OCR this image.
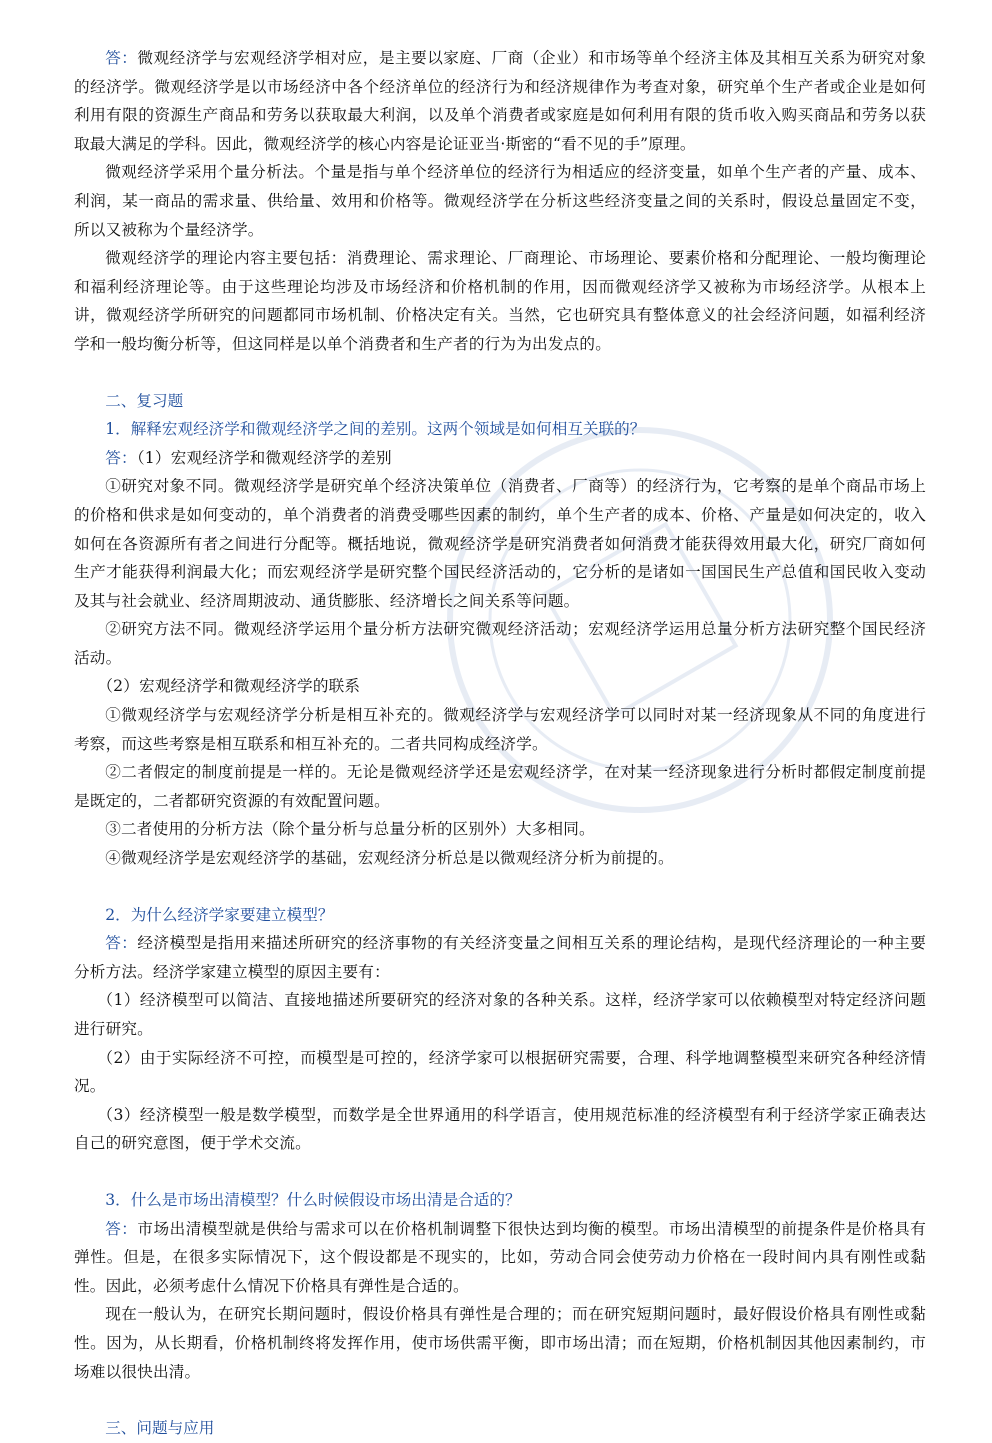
答：微观经济学与宏观经济学相对应，是主要以家庭、厂商（企业）和市场等单个经济主体及其相互关系为研究对象的经济学。微观经济学是以市场经济中各个经济单位的经济行为和经济规律作为考查对象，研究单个生产者或企业是如何利用有限的资源生产商品和劳务以获取最大利润，以及单个消费者或家庭是如何利用有限的货币收入购买商品和劳务以获取最大满足的学科。因此，微观经济学的核心内容是论证亚当·斯密的“看不见的手”原理。

微观经济学采用个量分析法。个量是指与单个经济单位的经济行为相适应的经济变量，如单个生产者的产量、成本、利润，某一商品的需求量、供给量、效用和价格等。微观经济学在分析这些经济变量之间的关系时，假设总量固定不变，所以又被称为个量经济学。

微观经济学的理论内容主要包括：消费理论、需求理论、厂商理论、市场理论、要素价格和分配理论、一般均衡理论和福利经济理论等。由于这些理论均涉及市场经济和价格机制的作用，因而微观经济学又被称为市场经济学。从根本上讲，微观经济学所研究的问题都同市场机制、价格决定有关。当然，它也研究具有整体意义的社会经济问题，如福利经济学和一般均衡分析等，但这同样是以单个消费者和生产者的行为为出发点的。

二、复习题

1．解释宏观经济学和微观经济学之间的差别。这两个领域是如何相互关联的？

答：（1）宏观经济学和微观经济学的差别

①研究对象不同。微观经济学是研究单个经济决策单位（消费者、厂商等）的经济行为，它考察的是单个商品市场上的价格和供求是如何变动的，单个消费者的消费受哪些因素的制约，单个生产者的成本、价格、产量是如何决定的，收入如何在各资源所有者之间进行分配等。概括地说，微观经济学是研究消费者如何消费才能获得效用最大化，研究厂商如何生产才能获得利润最大化；而宏观经济学是研究整个国民经济活动的，它分析的是诸如一国国民生产总值和国民收入变动及其与社会就业、经济周期波动、通货膨胀、经济增长之间关系等问题。

②研究方法不同。微观经济学运用个量分析方法研究微观经济活动；宏观经济学运用总量分析方法研究整个国民经济活动。

（2）宏观经济学和微观经济学的联系

①微观经济学与宏观经济学分析是相互补充的。微观经济学与宏观经济学可以同时对某一经济现象从不同的角度进行考察，而这些考察是相互联系和相互补充的。二者共同构成经济学。

②二者假定的制度前提是一样的。无论是微观经济学还是宏观经济学，在对某一经济现象进行分析时都假定制度前提是既定的，二者都研究资源的有效配置问题。

③二者使用的分析方法（除个量分析与总量分析的区别外）大多相同。

④微观经济学是宏观经济学的基础，宏观经济分析总是以微观经济分析为前提的。

2．为什么经济学家要建立模型？

答：经济模型是指用来描述所研究的经济事物的有关经济变量之间相互关系的理论结构，是现代经济理论的一种主要分析方法。经济学家建立模型的原因主要有：

（1）经济模型可以简洁、直接地描述所要研究的经济对象的各种关系。这样，经济学家可以依赖模型对特定经济问题进行研究。

（2）由于实际经济不可控，而模型是可控的，经济学家可以根据研究需要，合理、科学地调整模型来研究各种经济情况。

（3）经济模型一般是数学模型，而数学是全世界通用的科学语言，使用规范标准的经济模型有利于经济学家正确表达自己的研究意图，便于学术交流。

3．什么是市场出清模型？什么时候假设市场出清是合适的？

答：市场出清模型就是供给与需求可以在价格机制调整下很快达到均衡的模型。市场出清模型的前提条件是价格具有弹性。但是，在很多实际情况下，这个假设都是不现实的，比如，劳动合同会使劳动力价格在一段时间内具有刚性或黏性。因此，必须考虑什么情况下价格具有弹性是合适的。

现在一般认为，在研究长期问题时，假设价格具有弹性是合理的；而在研究短期问题时，最好假设价格具有刚性或黏性。因为，从长期看，价格机制终将发挥作用，使市场供需平衡，即市场出清；而在短期，价格机制因其他因素制约，市场难以很快出清。

三、问题与应用
